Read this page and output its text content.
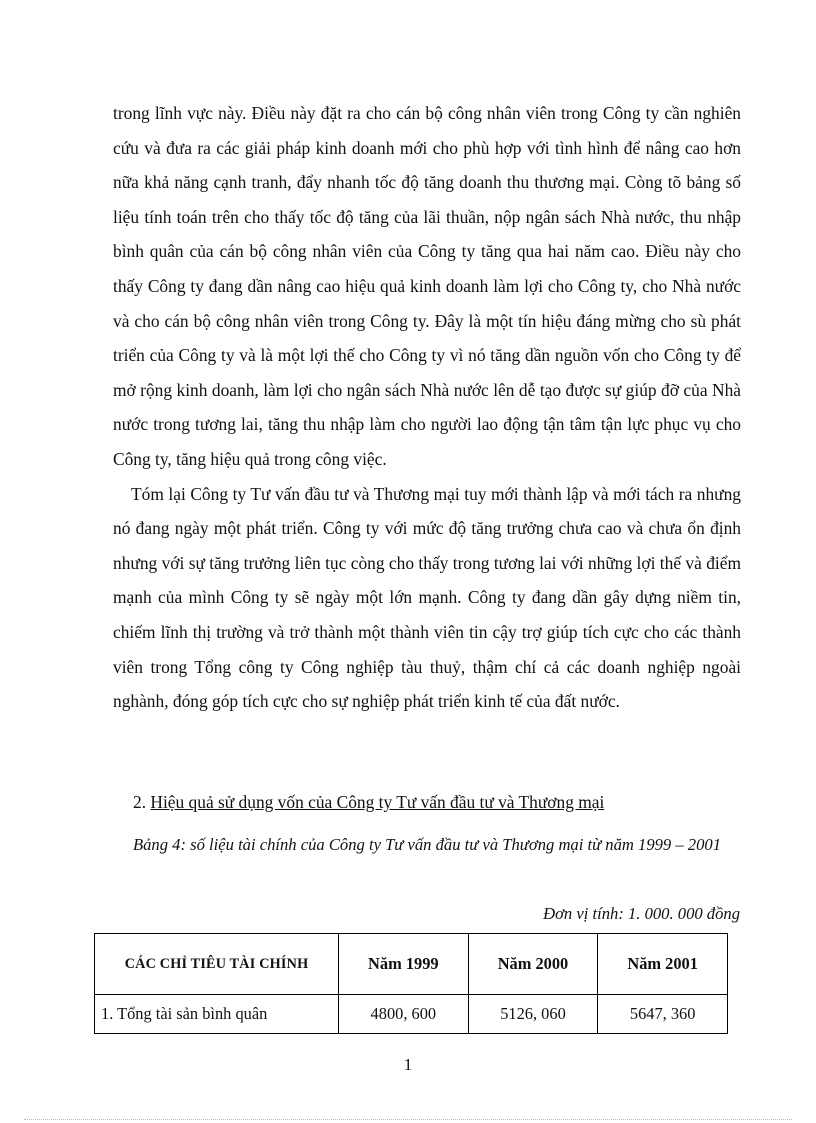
trong lĩnh vực này. Điều này đặt ra cho cán bộ công nhân viên trong Công ty cần nghiên cứu và đưa ra các giải pháp kinh doanh mới cho phù hợp với tình hình để nâng cao hơn nữa khả năng cạnh tranh, đẩy nhanh tốc độ tăng doanh thu thương mại. Còng tõ bảng số liệu tính toán trên cho thấy tốc độ tăng của lãi thuần, nộp ngân sách Nhà nước, thu nhập bình quân của cán bộ công nhân viên của Công ty tăng qua hai năm cao. Điều này cho thấy Công ty đang dần nâng cao hiệu quả kinh doanh làm lợi cho Công ty, cho Nhà nước và cho cán bộ công nhân viên trong Công ty. Đây là một tín hiệu đáng mừng cho sù phát triển của Công ty và là một lợi thế cho Công ty vì nó tăng dần nguồn vốn cho Công ty để mở rộng kinh doanh, làm lợi cho ngân sách Nhà nước lên dễ tạo được sự giúp đỡ của Nhà nước trong tương lai, tăng thu nhập làm cho người lao động tận tâm tận lực phục vụ cho Công ty, tăng hiệu quả trong công việc.

Tóm lại Công ty Tư vấn đầu tư và Thương mại tuy mới thành lập và mới tách ra nhưng nó đang ngày một phát triển. Công ty với mức độ tăng trưởng chưa cao và chưa ổn định nhưng với sự tăng trưởng liên tục còng cho thấy trong tương lai với những lợi thế và điểm mạnh của mình Công ty sẽ ngày một lớn mạnh. Công ty đang dần gây dựng niềm tin, chiếm lĩnh thị trường và trở thành một thành viên tin cậy trợ giúp tích cực cho các thành viên trong Tổng công ty Công nghiệp tàu thuỷ, thậm chí cả các doanh nghiệp ngoài nghành, đóng góp tích cực cho sự nghiệp phát triển kinh tế của đất nước.

2. Hiệu quả sử dụng vốn của Công ty Tư vấn đầu tư và Thương mại
Bảng 4: số liệu tài chính của Công ty Tư vấn đầu tư và Thương mại từ năm 1999 – 2001
Đơn vị tính: 1. 000. 000 đồng
CÁC CHỈ TIÊU TÀI CHÍNH	Năm 1999	Năm 2000	Năm 2001
1. Tổng tài sản bình quân	4800, 600	5126, 060	5647, 360
1
